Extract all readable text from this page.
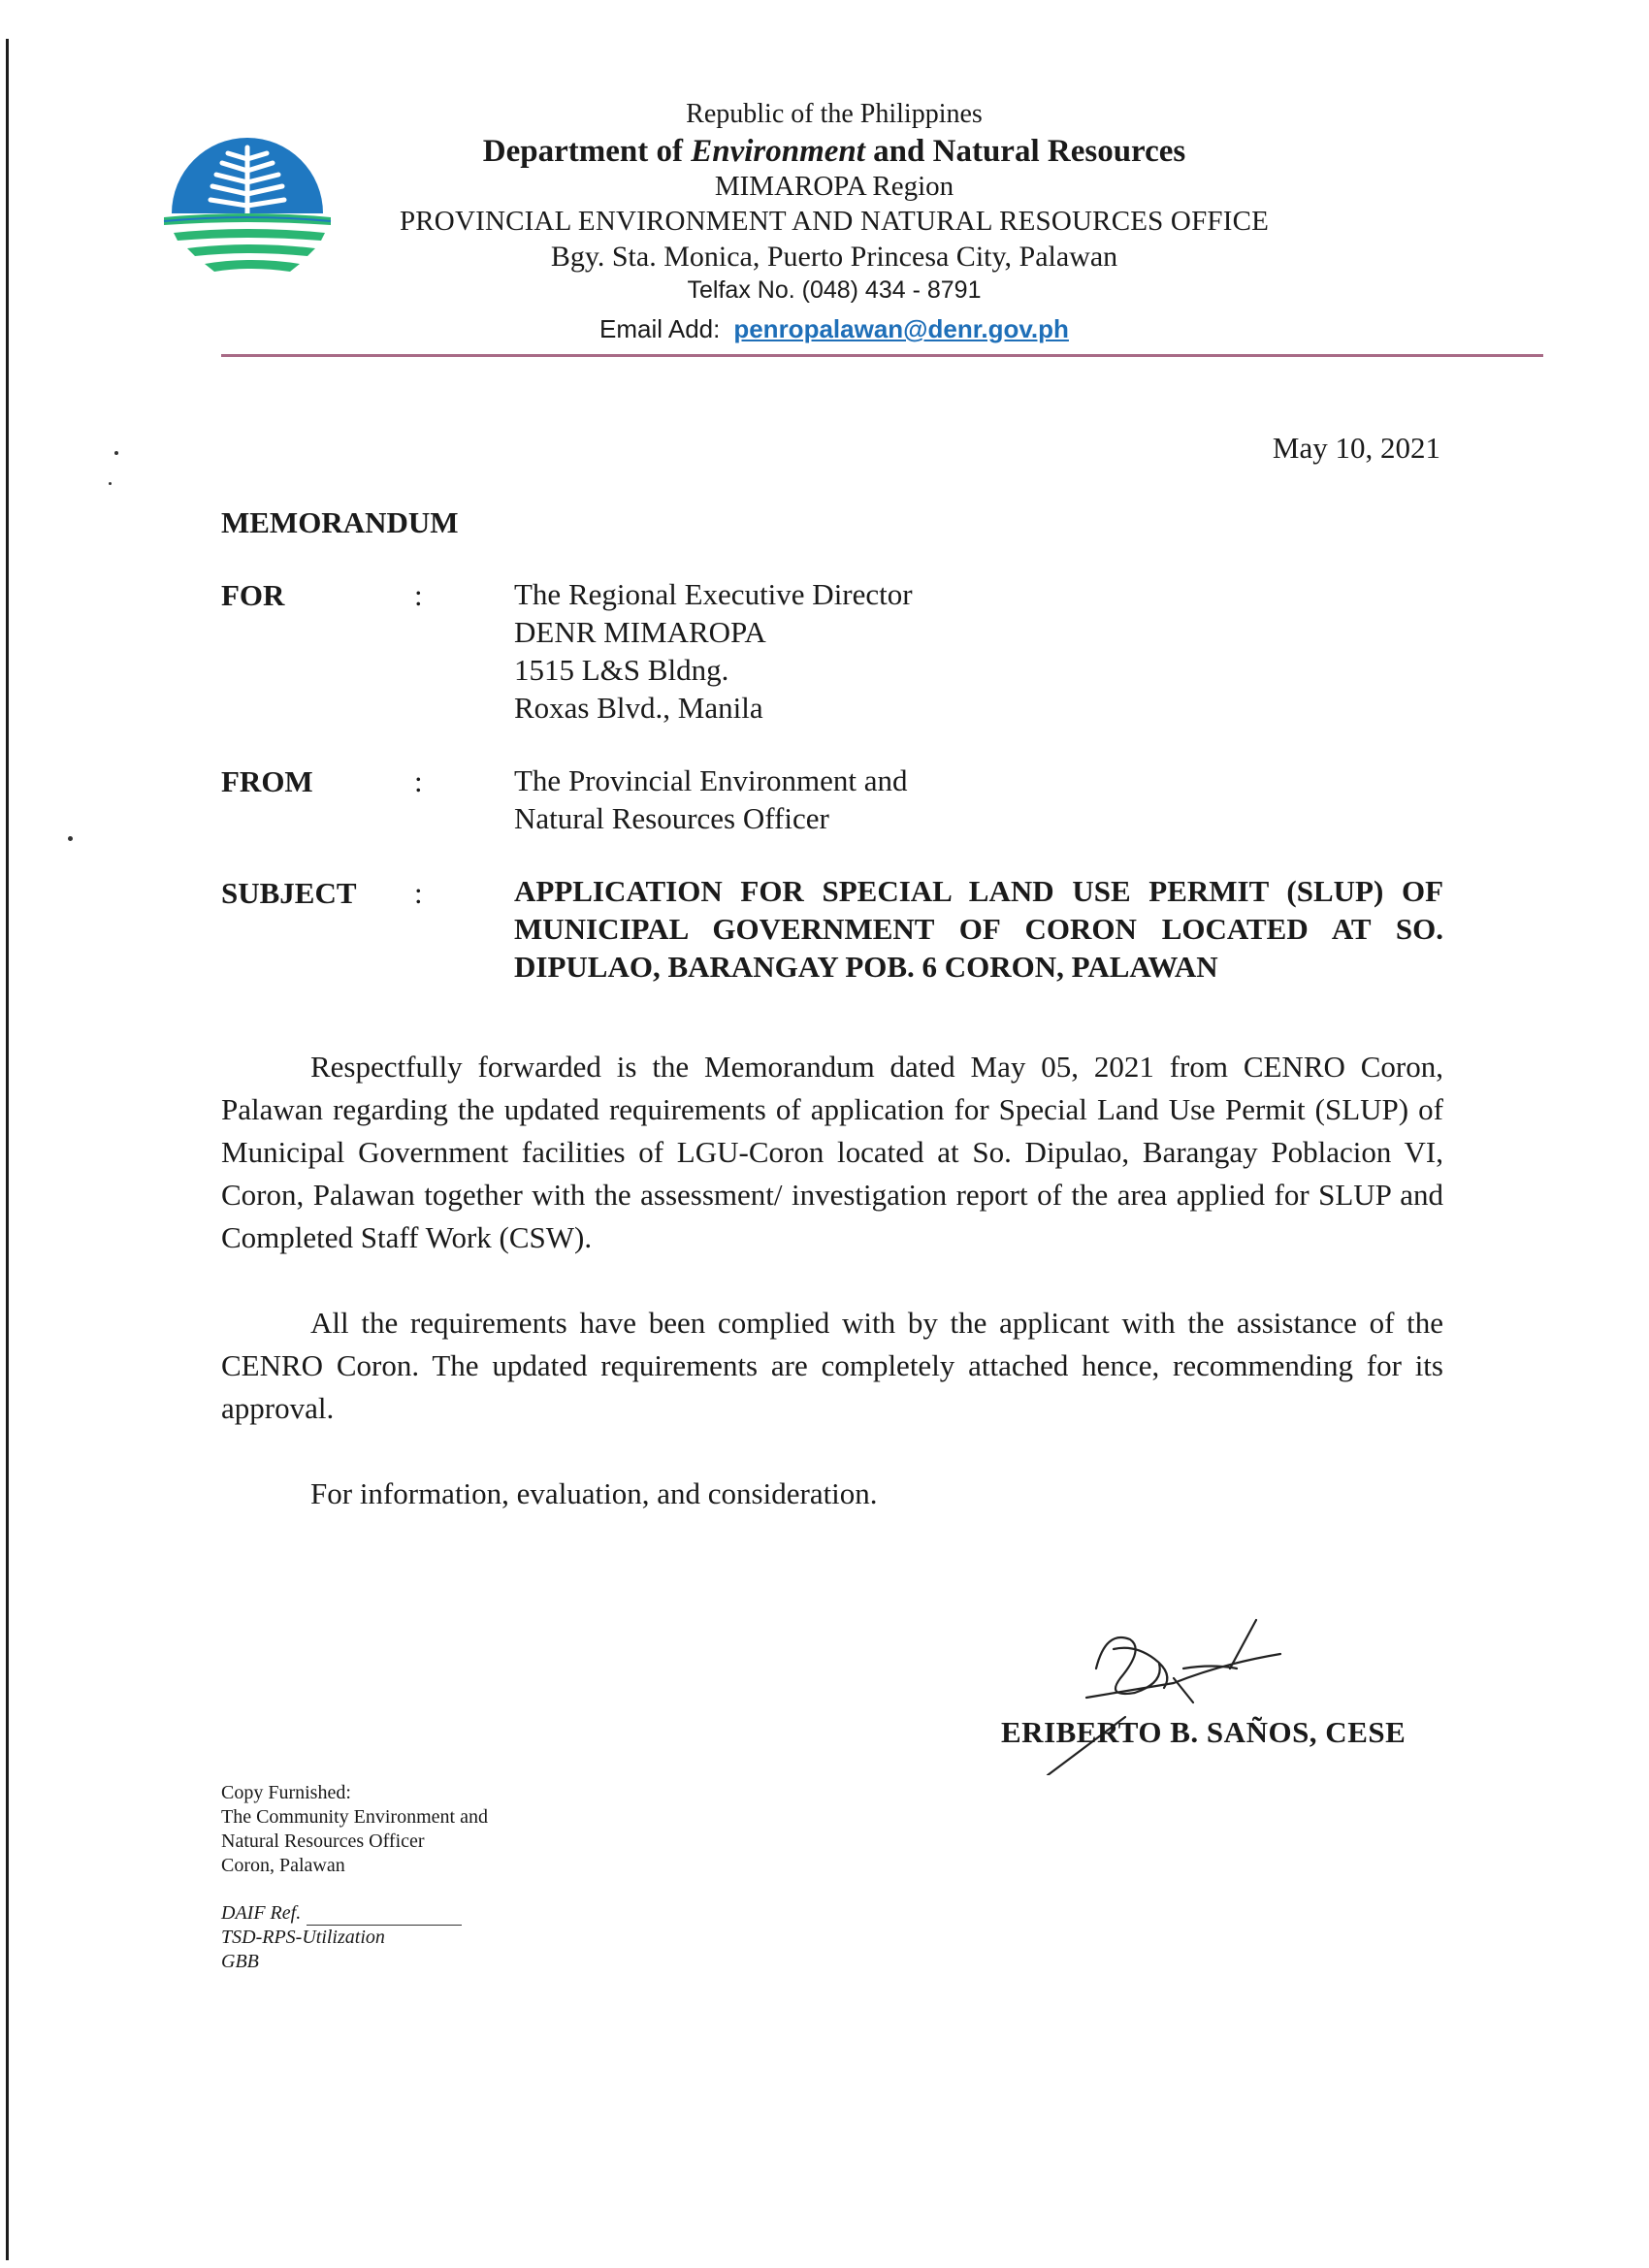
Republic of the Philippines
Department of Environment and Natural Resources
MIMAROPA Region
PROVINCIAL ENVIRONMENT AND NATURAL RESOURCES OFFICE
Bgy. Sta. Monica, Puerto Princesa City, Palawan
Telfax No. (048) 434 - 8791
Email Add: penropalawan@denr.gov.ph
May 10, 2021
MEMORANDUM
FOR	:	The Regional Executive Director
DENR MIMAROPA
1515 L&S Bldng.
Roxas Blvd., Manila
FROM	:	The Provincial Environment and
Natural Resources Officer
SUBJECT :	APPLICATION FOR SPECIAL LAND USE PERMIT (SLUP) OF MUNICIPAL GOVERNMENT OF CORON LOCATED AT SO. DIPULAO, BARANGAY POB. 6 CORON, PALAWAN
Respectfully forwarded is the Memorandum dated May 05, 2021 from CENRO Coron, Palawan regarding the updated requirements of application for Special Land Use Permit (SLUP) of Municipal Government facilities of LGU-Coron located at So. Dipulao, Barangay Poblacion VI, Coron, Palawan together with the assessment/ investigation report of the area applied for SLUP and Completed Staff Work (CSW).
All the requirements have been complied with by the applicant with the assistance of the CENRO Coron. The updated requirements are completely attached hence, recommending for its approval.
For information, evaluation, and consideration.
ERIBERTO B. SAÑOS, CESE
Copy Furnished:
The Community Environment and
Natural Resources Officer
Coron, Palawan
DAIF Ref.
TSD-RPS-Utilization
GBB
